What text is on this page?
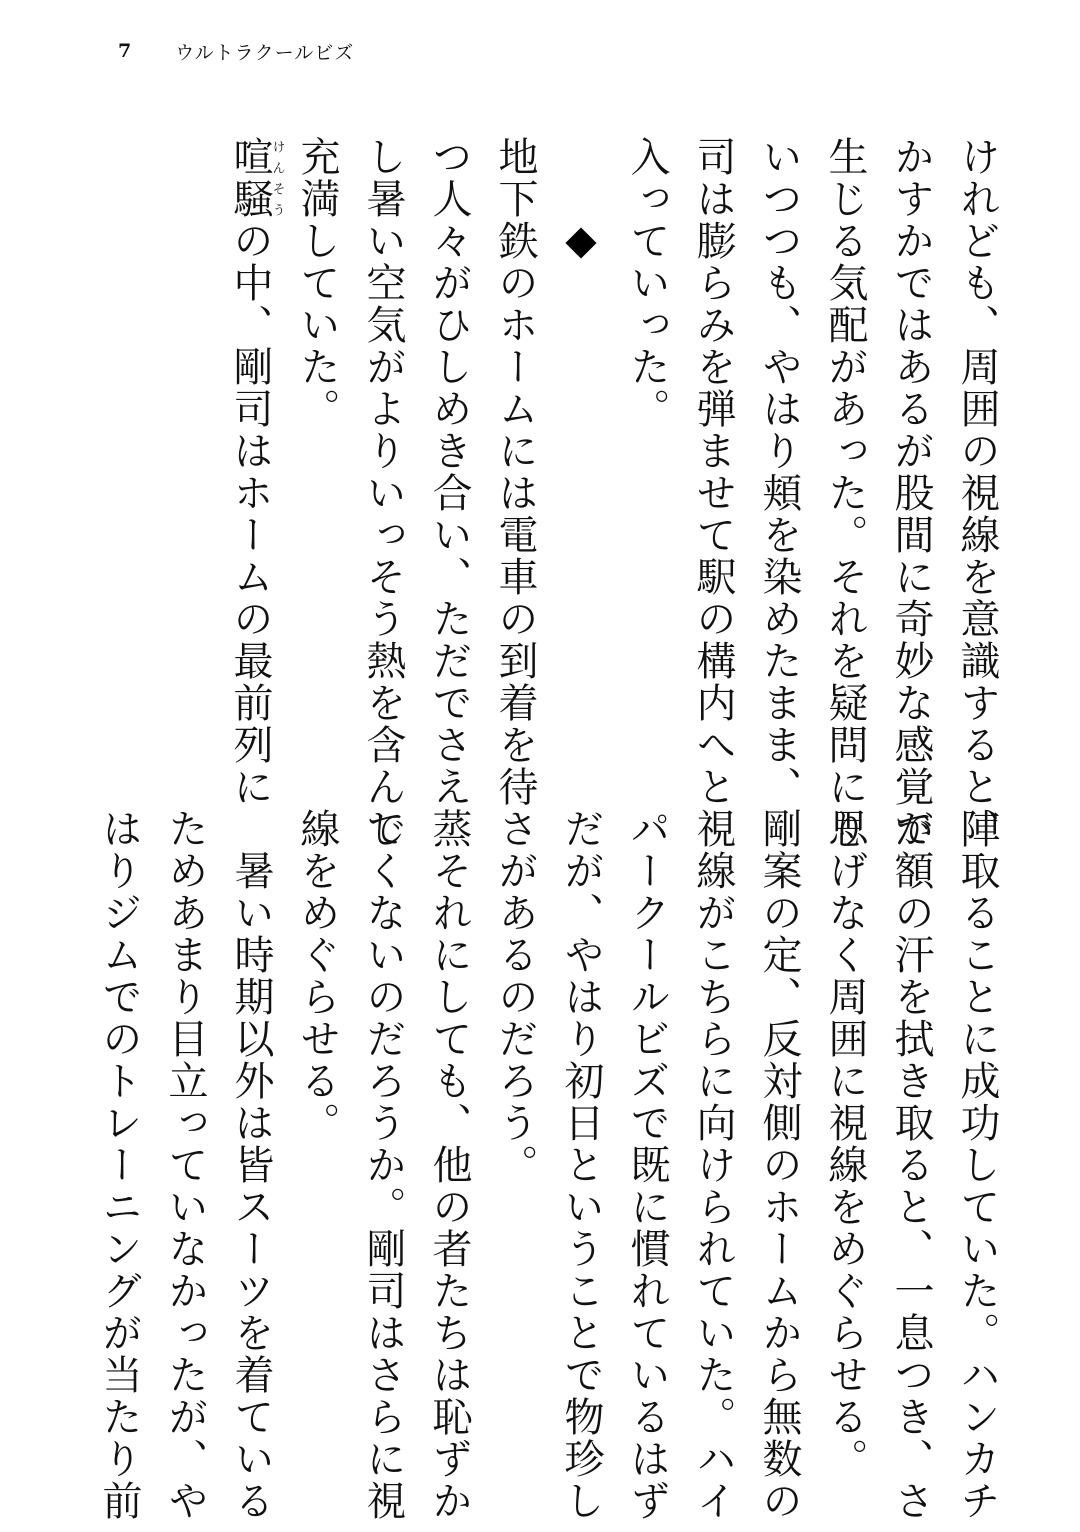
7 ウルトラクールビズ
けれども、周囲の視線を意識すると、
かすかではあるが股間に奇妙な感覚が
生じる気配があった。それを疑問に思
いつつも、やはり頬を染めたまま、剛
司は膨らみを弾ませて駅の構内へと
入っていった。
地下鉄のホームには電車の到着を待
つ人々がひしめき合い、ただでさえ蒸
し暑い空気がよりいっそう熱を含んで
充満していた。
喧騒けんそうの中、剛司はホームの最前列に
陣取ることに成功していた。ハンカチ
で額の汗を拭き取ると、一息つき、さ
りげなく周囲に視線をめぐらせる。
案の定、反対側のホームから無数の
視線がこちらに向けられていた。ハイ
パークールビズで既に慣れているはず
だが、やはり初日ということで物珍し
さがあるのだろう。
それにしても、他の者たちは恥ずか
しくないのだろうか。剛司はさらに視
線をめぐらせる。
暑い時期以外は皆スーツを着ている
ためあまり目立っていなかったが、や
はりジムでのトレーニングが当たり前
